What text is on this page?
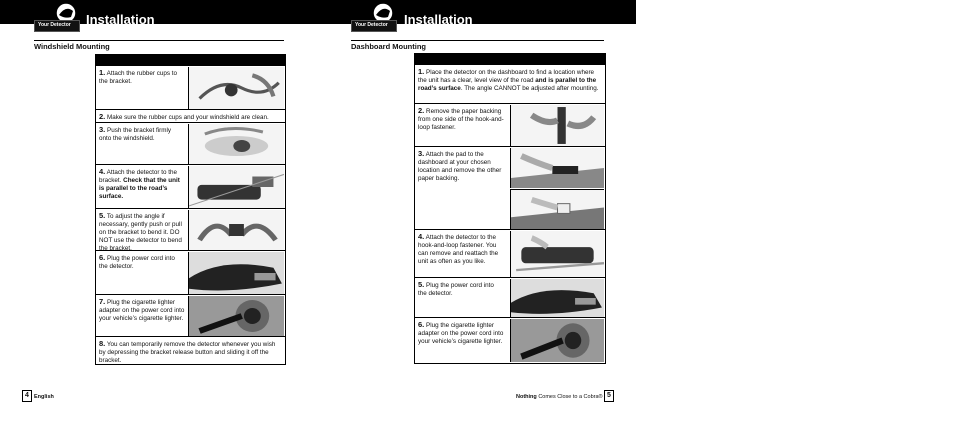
Your Detector Installation
Windshield Mounting
1. Attach the rubber cups to the bracket.
2. Make sure the rubber cups and your windshield are clean.
3. Push the bracket firmly onto the windshield.
4. Attach the detector to the bracket. Check that the unit is parallel to the road’s surface.
5. To adjust the angle if necessary, gently push or pull on the bracket to bend it. DO NOT use the detector to bend the bracket.
6. Plug the power cord into the detector.
7. Plug the cigarette lighter adapter on the power cord into your vehicle’s cigarette lighter.
8. You can temporarily remove the detector whenever you wish by depressing the bracket release button and sliding it off the bracket.
4 English
Your Detector Installation
Dashboard Mounting
1. Place the detector on the dashboard to find a location where the unit has a clear, level view of the road and is parallel to the road’s surface. The angle CANNOT be adjusted after mounting.
2. Remove the paper backing from one side of the hook-and-loop fastener.
3. Attach the pad to the dashboard at your chosen location and remove the other paper backing.
4. Attach the detector to the hook-and-loop fastener. You can remove and reattach the unit as often as you like.
5. Plug the power cord into the detector.
6. Plug the cigarette lighter adapter on the power cord into your vehicle’s cigarette lighter.
Nothing Comes Close to a Cobra® 5
